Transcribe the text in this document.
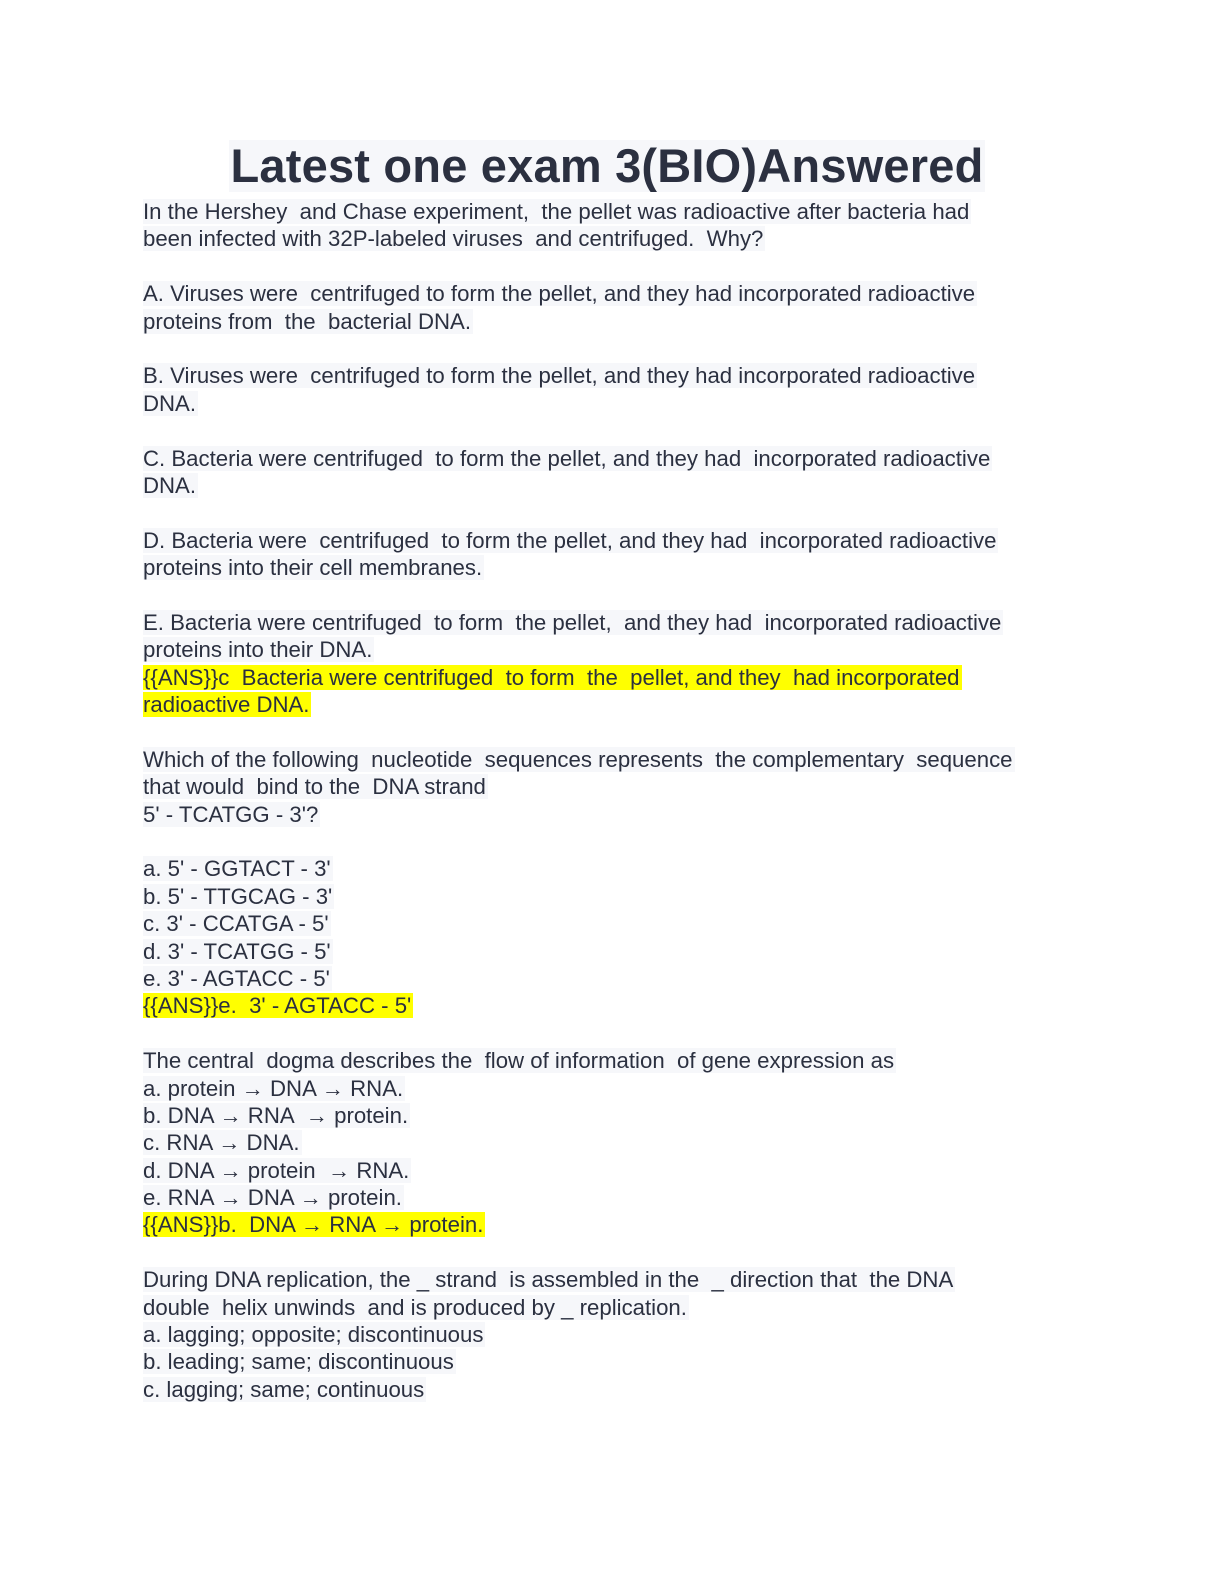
Latest one exam 3(BIO)Answered
In the Hershey  and Chase experiment,  the pellet was radioactive after bacteria had
been infected with 32P-labeled viruses  and centrifuged.  Why?
A. Viruses were  centrifuged to form the pellet, and they had incorporated radioactive
proteins from  the  bacterial DNA.
B. Viruses were  centrifuged to form the pellet, and they had incorporated radioactive
DNA.
C. Bacteria were centrifuged  to form the pellet, and they had  incorporated radioactive
DNA.
D. Bacteria were  centrifuged  to form the pellet, and they had  incorporated radioactive
proteins into their cell membranes.
E. Bacteria were centrifuged  to form  the pellet,  and they had  incorporated radioactive
proteins into their DNA.
{{ANS}}c  Bacteria were centrifuged  to form  the  pellet, and they  had incorporated
radioactive DNA.
Which of the following  nucleotide  sequences represents  the complementary  sequence
that would  bind to the  DNA strand
5' - TCATGG - 3'?
a. 5' - GGTACT - 3'
b. 5' - TTGCAG - 3'
c. 3' - CCATGA - 5'
d. 3' - TCATGG - 5'
e. 3' - AGTACC - 5'
{{ANS}}e.  3' - AGTACC - 5'
The central  dogma describes the  flow of information  of gene expression as
a. protein → DNA → RNA.
b. DNA → RNA  → protein.
c. RNA → DNA.
d. DNA → protein  → RNA.
e. RNA → DNA → protein.
{{ANS}}b.  DNA → RNA → protein.
During DNA replication, the _ strand  is assembled in the  _ direction that  the DNA
double  helix unwinds  and is produced by _ replication.
a. lagging; opposite; discontinuous
b. leading; same; discontinuous
c. lagging; same; continuous
